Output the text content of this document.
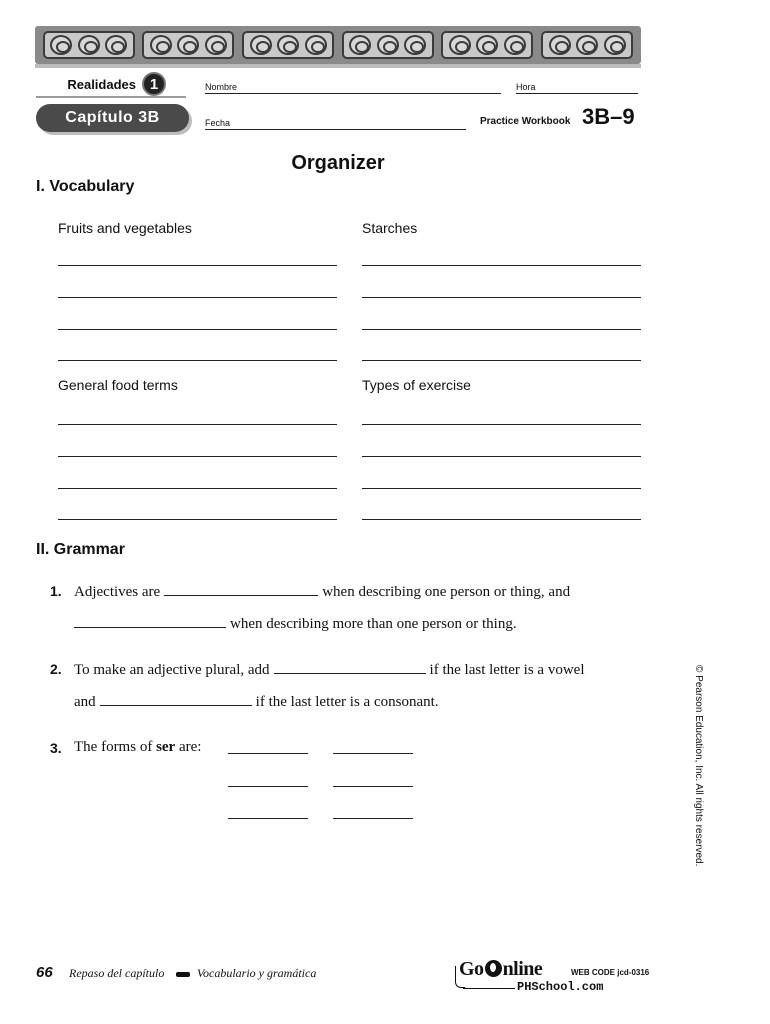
Realidades 1
Capítulo 3B
Nombre	Hora
Fecha	Practice Workbook 3B–9
Organizer
I. Vocabulary
Fruits and vegetables	Starches
General food terms	Types of exercise
II. Grammar
1. Adjectives are	when describing one person or thing, and
when describing more than one person or thing.
2. To make an adjective plural, add	if the last letter is a vowel
and	if the last letter is a consonant.
3. The forms of ser are:	© Pearson Education, Inc. All rights reserved.
66 Repaso del capítulo	Vocabulario y gramática	Go nline	WEB CODE jcd-0316
PHSchool.com
